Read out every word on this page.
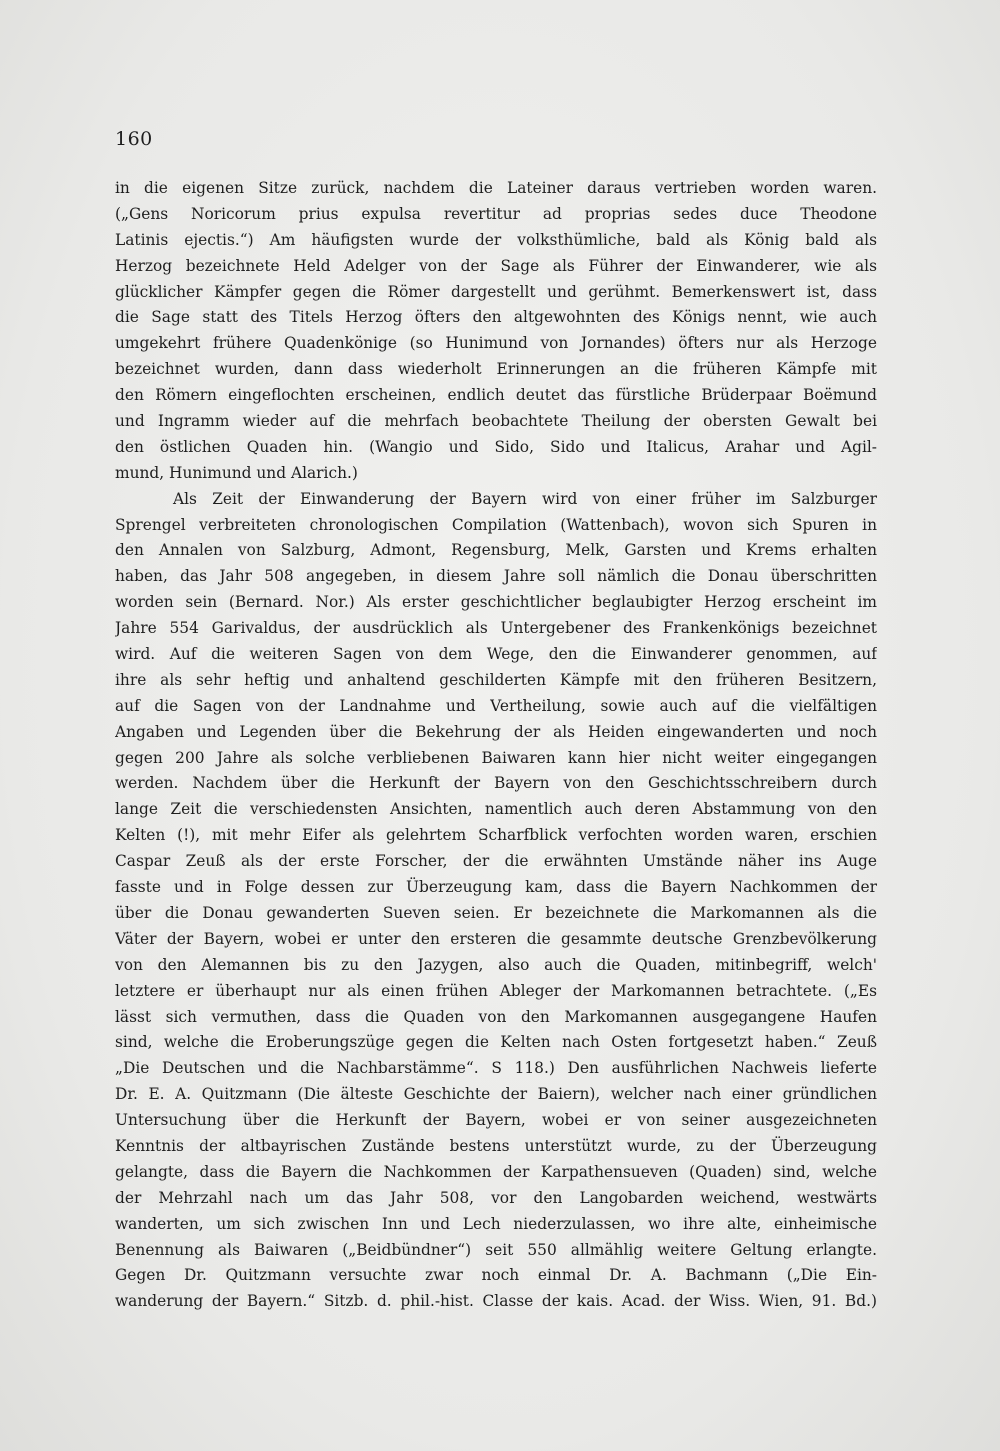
160
in die eigenen Sitze zurück, nachdem die Lateiner daraus vertrieben worden waren.
(„Gens Noricorum prius expulsa revertitur ad proprias sedes duce Theodone
Latinis ejectis.“) Am häufigsten wurde der volksthümliche, bald als König bald als
Herzog bezeichnete Held Adelger von der Sage als Führer der Einwanderer, wie als
glücklicher Kämpfer gegen die Römer dargestellt und gerühmt. Bemerkenswert ist, dass
die Sage statt des Titels Herzog öfters den altgewohnten des Königs nennt, wie auch
umgekehrt frühere Quadenkönige (so Hunimund von Jornandes) öfters nur als Herzoge
bezeichnet wurden, dann dass wiederholt Erinnerungen an die früheren Kämpfe mit
den Römern eingeflochten erscheinen, endlich deutet das fürstliche Brüderpaar Boëmund
und Ingramm wieder auf die mehrfach beobachtete Theilung der obersten Gewalt bei
den östlichen Quaden hin. (Wangio und Sido, Sido und Italicus, Arahar und Agil-
mund, Hunimund und Alarich.)
Als Zeit der Einwanderung der Bayern wird von einer früher im Salzburger
Sprengel verbreiteten chronologischen Compilation (Wattenbach), wovon sich Spuren in
den Annalen von Salzburg, Admont, Regensburg, Melk, Garsten und Krems erhalten
haben, das Jahr 508 angegeben, in diesem Jahre soll nämlich die Donau überschritten
worden sein (Bernard. Nor.) Als erster geschichtlicher beglaubigter Herzog erscheint im
Jahre 554 Garivaldus, der ausdrücklich als Untergebener des Frankenkönigs bezeichnet
wird. Auf die weiteren Sagen von dem Wege, den die Einwanderer genommen, auf
ihre als sehr heftig und anhaltend geschilderten Kämpfe mit den früheren Besitzern,
auf die Sagen von der Landnahme und Vertheilung, sowie auch auf die vielfältigen
Angaben und Legenden über die Bekehrung der als Heiden eingewanderten und noch
gegen 200 Jahre als solche verbliebenen Baiwaren kann hier nicht weiter eingegangen
werden. Nachdem über die Herkunft der Bayern von den Geschichtsschreibern durch
lange Zeit die verschiedensten Ansichten, namentlich auch deren Abstammung von den
Kelten (!), mit mehr Eifer als gelehrtem Scharfblick verfochten worden waren, erschien
Caspar Zeuß als der erste Forscher, der die erwähnten Umstände näher ins Auge
fasste und in Folge dessen zur Überzeugung kam, dass die Bayern Nachkommen der
über die Donau gewanderten Sueven seien. Er bezeichnete die Markomannen als die
Väter der Bayern, wobei er unter den ersteren die gesammte deutsche Grenzbevölkerung
von den Alemannen bis zu den Jazygen, also auch die Quaden, mitinbegriff, welch'
letztere er überhaupt nur als einen frühen Ableger der Markomannen betrachtete. („Es
lässt sich vermuthen, dass die Quaden von den Markomannen ausgegangene Haufen
sind, welche die Eroberungszüge gegen die Kelten nach Osten fortgesetzt haben.“ Zeuß
„Die Deutschen und die Nachbarstämme“. S 118.) Den ausführlichen Nachweis lieferte
Dr. E. A. Quitzmann (Die älteste Geschichte der Baiern), welcher nach einer gründlichen
Untersuchung über die Herkunft der Bayern, wobei er von seiner ausgezeichneten
Kenntnis der altbayrischen Zustände bestens unterstützt wurde, zu der Überzeugung
gelangte, dass die Bayern die Nachkommen der Karpathensueven (Quaden) sind, welche
der Mehrzahl nach um das Jahr 508, vor den Langobarden weichend, westwärts
wanderten, um sich zwischen Inn und Lech niederzulassen, wo ihre alte, einheimische
Benennung als Baiwaren („Beidbündner“) seit 550 allmählig weitere Geltung erlangte.
Gegen Dr. Quitzmann versuchte zwar noch einmal Dr. A. Bachmann („Die Ein-
wanderung der Bayern.“ Sitzb. d. phil.-hist. Classe der kais. Acad. der Wiss. Wien, 91. Bd.)
